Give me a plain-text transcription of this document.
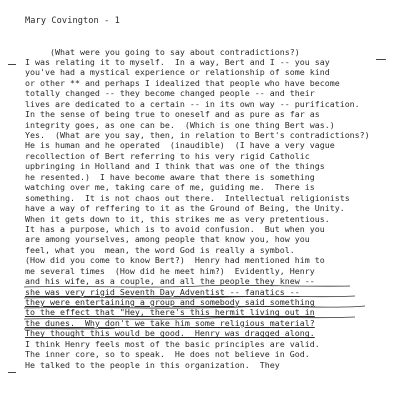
Mary Covington - 1
(What were you going to say about contradictions?)
I was relating it to myself.  In a way, Bert and I -- you say
you've had a mystical experience or relationship of some kind
or other ** and perhaps I idealized that people who have become
totally changed -- they become changed people -- and their
lives are dedicated to a certain -- in its own way -- purification.
In the sense of being true to oneself and as pure as far as
integrity goes, as one can be.  (Which is one thing Bert was.)
Yes.  (What are you say, then, in relation to Bert's contradictions?)
He is human and he operated  (inaudible)  (I have a very vague
recollection of Bert referring to his very rigid Catholic
upbringing in Holland and I think that was one of the things
he resented.)  I have become aware that there is something
watching over me, taking care of me, guiding me.  There is
something.  It is not chaos out there.  Intellectual religionists
have a way of reffering to it as the Ground of Being, the Unity.
When it gets down to it, this strikes me as very pretentious.
It has a purpose, which is to avoid confusion.  But when you
are among yourselves, among people that know you, how you
feel, what you  mean, the word God is really a symbol.
(How did you come to know Bert?)  Henry had mentioned him to
me several times  (How did he meet him?)  Evidently, Henry
and his wife, as a couple, and all the people they knew --
she was very rigid Seventh Day Adventist -- fanatics --
they were entertaining a group and somebody said something
to the effect that "Hey, there's this hermit living out in
the dunes.  Why don't we take him some religious material?
They thought this would be good.  Henry was dragged along.
I think Henry feels most of the basic principles are valid.
The inner core, so to speak.  He does not believe in God.
He talked to the people in this organization.  They
